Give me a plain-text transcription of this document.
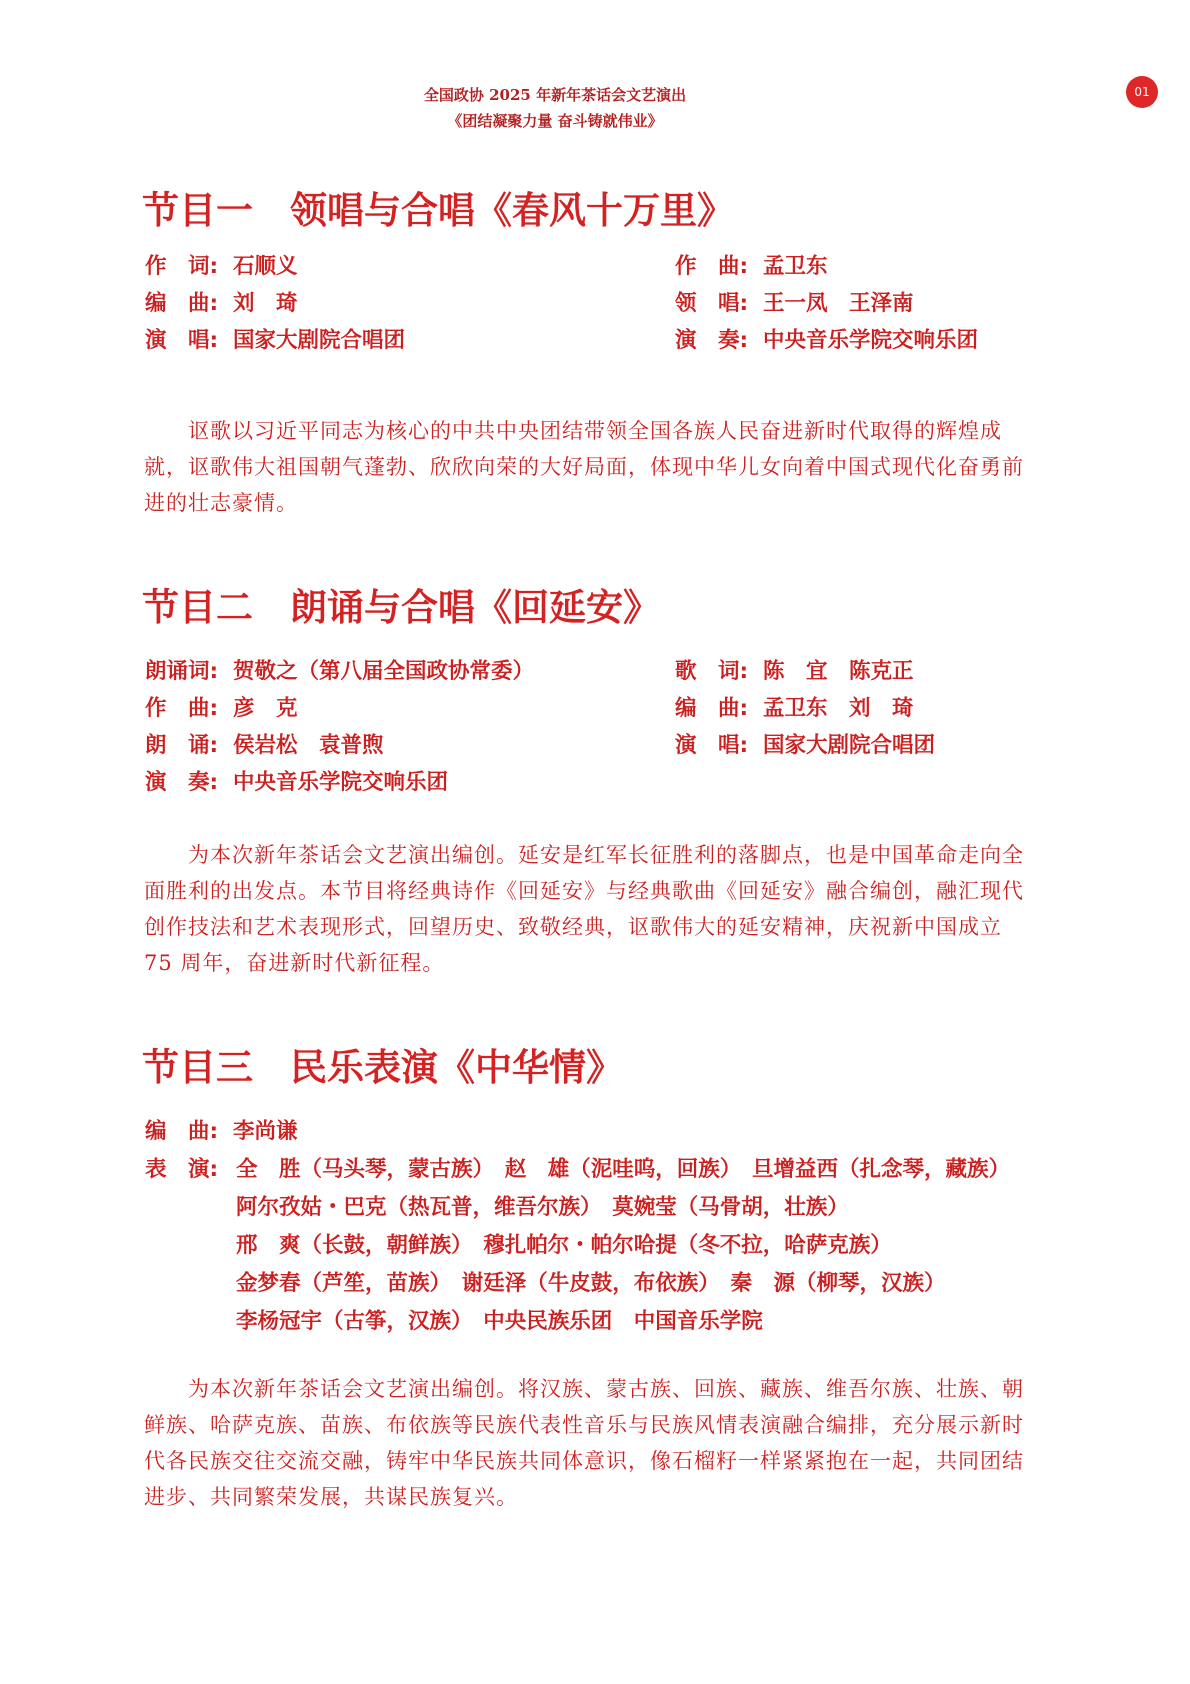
全国政协 2025 年新年茶话会文艺演出
《团结凝聚力量 奋斗铸就伟业》
01
节目一　领唱与合唱《春风十万里》
作　词: 石顺义	作　曲: 孟卫东
编　曲: 刘　琦	领　唱: 王一凤　王泽南
演　唱: 国家大剧院合唱团	演　奏: 中央音乐学院交响乐团
讴歌以习近平同志为核心的中共中央团结带领全国各族人民奋进新时代取得的辉煌成就，讴歌伟大祖国朝气蓬勃、欣欣向荣的大好局面，体现中华儿女向着中国式现代化奋勇前进的壮志豪情。
节目二　朗诵与合唱《回延安》
朗诵词: 贺敬之（第八届全国政协常委）	歌　词: 陈　宜　陈克正
作　曲: 彦　克	编　曲: 孟卫东　刘　琦
朗　诵: 侯岩松　袁普煦	演　唱: 国家大剧院合唱团
演　奏: 中央音乐学院交响乐团
为本次新年茶话会文艺演出编创。延安是红军长征胜利的落脚点，也是中国革命走向全面胜利的出发点。本节目将经典诗作《回延安》与经典歌曲《回延安》融合编创，融汇现代创作技法和艺术表现形式，回望历史、致敬经典，讴歌伟大的延安精神，庆祝新中国成立 75 周年，奋进新时代新征程。
节目三　民乐表演《中华情》
编　曲: 李尚谦
表　演: 全　胜（马头琴，蒙古族）　赵　雄（泥哇呜，回族）　旦增益西（扎念琴，藏族）
阿尔孜姑・巴克（热瓦普，维吾尔族）　莫婉莹（马骨胡，壮族）
邢　爽（长鼓，朝鲜族）　穆扎帕尔・帕尔哈提（冬不拉，哈萨克族）
金梦春（芦笙，苗族）　谢廷泽（牛皮鼓，布依族）　秦　源（柳琴，汉族）
李杨冠宇（古筝，汉族）　中央民族乐团　中国音乐学院
为本次新年茶话会文艺演出编创。将汉族、蒙古族、回族、藏族、维吾尔族、壮族、朝鲜族、哈萨克族、苗族、布依族等民族代表性音乐与民族风情表演融合编排，充分展示新时代各民族交往交流交融，铸牢中华民族共同体意识，像石榴籽一样紧紧抱在一起，共同团结进步、共同繁荣发展，共谋民族复兴。
